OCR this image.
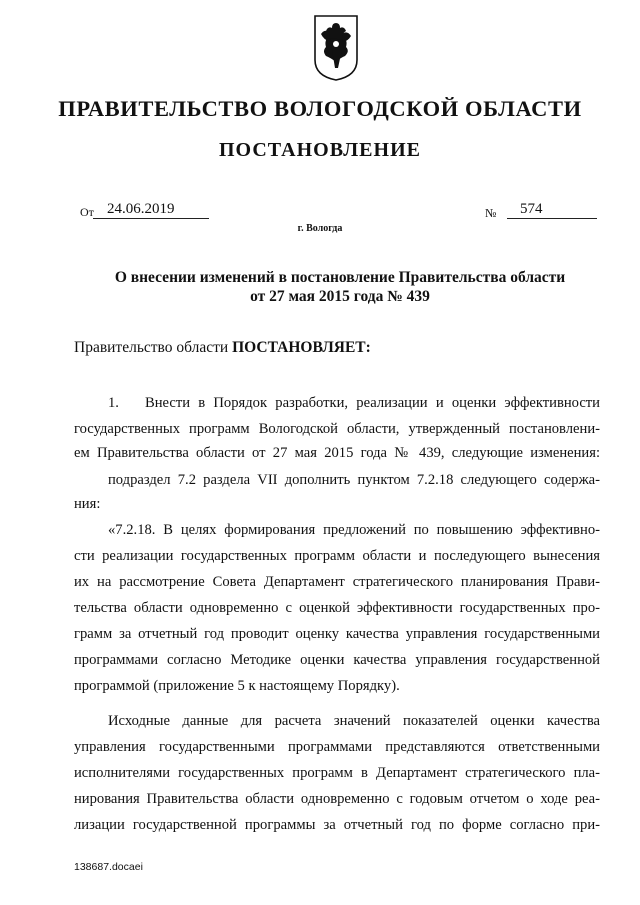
ПРАВИТЕЛЬСТВО ВОЛОГОДСКОЙ ОБЛАСТИ
ПОСТАНОВЛЕНИЕ
От 24.06.2019	№ 574
г. Вологда
О внесении изменений в постановление Правительства области
от 27 мая 2015 года № 439
Правительство области ПОСТАНОВЛЯЕТ:
1. Внести в Порядок разработки, реализации и оценки эффективности
государственных программ Вологодской области, утвержденный постановлени-
ем Правительства области от 27 мая 2015 года № 439, следующие изменения:
подраздел 7.2 раздела VII дополнить пунктом 7.2.18 следующего содержа-
ния:
«7.2.18. В целях формирования предложений по повышению эффективно-
сти реализации государственных программ области и последующего вынесения
их на рассмотрение Совета Департамент стратегического планирования Прави-
тельства области одновременно с оценкой эффективности государственных про-
грамм за отчетный год проводит оценку качества управления государственными
программами согласно Методике оценки качества управления государственной
программой (приложение 5 к настоящему Порядку).
Исходные данные для расчета значений показателей оценки качества
управления государственными программами представляются ответственными
исполнителями государственных программ в Департамент стратегического пла-
нирования Правительства области одновременно с годовым отчетом о ходе реа-
лизации государственной программы за отчетный год по форме согласно при-
138687.docaei
